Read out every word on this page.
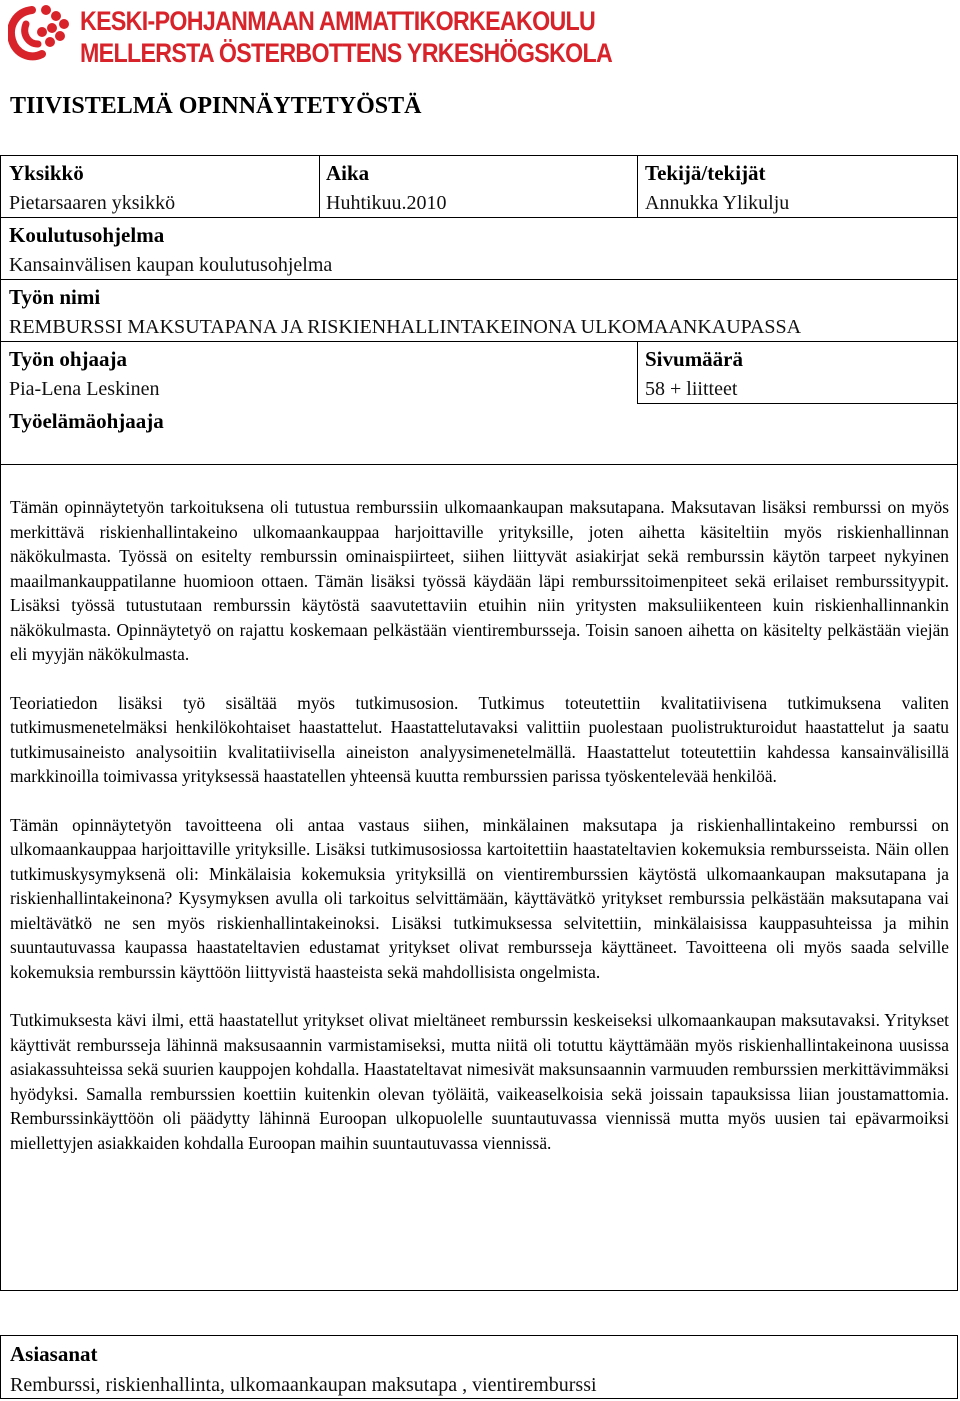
KESKI-POHJANMAAN AMMATTIKORKEAKOULU
MELLERSTA ÖSTERBOTTENS YRKESHÖGSKOLA
TIIVISTELMÄ OPINNÄYTETYÖSTÄ
Yksikkö
Pietarsaaren yksikkö
Aika
Huhtikuu.2010
Tekijä/tekijät
Annukka Ylikulju
Koulutusohjelma
Kansainvälisen kaupan koulutusohjelma
Työn nimi
REMBURSSI MAKSUTAPANA JA RISKIENHALLINTAKEINONA ULKOMAANKAUPASSA
Työn ohjaaja
Pia-Lena Leskinen
Sivumäärä
58 + liitteet
Työelämäohjaaja

Tämän opinnäytetyön tarkoituksena oli tutustua remburssiin ulkomaankaupan maksutapana. Maksutavan lisäksi remburssi on myös merkittävä riskienhallintakeino ulkomaankauppaa harjoittaville yrityksille, joten aihetta käsiteltiin myös riskienhallinnan näkökulmasta. Työssä on esitelty remburssin ominaispiirteet, siihen liittyvät asiakirjat sekä remburssin käytön tarpeet nykyinen maailmankauppatilanne huomioon ottaen. Tämän lisäksi työssä käydään läpi remburssitoimenpiteet sekä erilaiset remburssityypit. Lisäksi työssä tutustutaan remburssin käytöstä saavutettaviin etuihin niin yritysten maksuliikenteen kuin riskienhallinnankin näkökulmasta. Opinnäytetyö on rajattu koskemaan pelkästään vientirembursseja. Toisin sanoen aihetta on käsitelty pelkästään viejän eli myyjän näkökulmasta.

Teoriatiedon lisäksi työ sisältää myös tutkimusosion. Tutkimus toteutettiin kvalitatiivisena tutkimuksena valiten tutkimusmenetelmäksi henkilökohtaiset haastattelut. Haastattelutavaksi valittiin puolestaan puolistrukturoidut haastattelut ja saatu tutkimusaineisto analysoitiin kvalitatiivisella aineiston analyysimenetelmällä. Haastattelut toteutettiin kahdessa kansainvälisillä markkinoilla toimivassa yrityksessä haastatellen yhteensä kuutta remburssien parissa työskentelevää henkilöä.

Tämän opinnäytetyön tavoitteena oli antaa vastaus siihen, minkälainen maksutapa ja riskienhallintakeino remburssi on ulkomaankauppaa harjoittaville yrityksille. Lisäksi tutkimusosiossa kartoitettiin haastateltavien kokemuksia rembursseista. Näin ollen tutkimuskysymyksenä oli: Minkälaisia kokemuksia yrityksillä on vientiremburssien käytöstä ulkomaankaupan maksutapana ja riskienhallintakeinona? Kysymyksen avulla oli tarkoitus selvittämään, käyttävätkö yritykset remburssia pelkästään maksutapana vai mieltävätkö ne sen myös riskienhallintakeinoksi. Lisäksi tutkimuksessa selvitettiin, minkälaisissa kauppasuhteissa ja mihin suuntautuvassa kaupassa haastateltavien edustamat yritykset olivat rembursseja käyttäneet. Tavoitteena oli myös saada selville kokemuksia remburssin käyttöön liittyvistä haasteista sekä mahdollisista ongelmista.

Tutkimuksesta kävi ilmi, että haastatellut yritykset olivat mieltäneet remburssin keskeiseksi ulkomaankaupan maksutavaksi. Yritykset käyttivät rembursseja lähinnä maksusaannin varmistamiseksi, mutta niitä oli totuttu käyttämään myös riskienhallintakeinona uusissa asiakassuhteissa sekä suurien kauppojen kohdalla. Haastateltavat nimesivät maksunsaannin varmuuden remburssien merkittävimmäksi hyödyksi. Samalla remburssien koettiin kuitenkin olevan työläitä, vaikeaselkoisia sekä joissain tapauksissa liian joustamattomia. Remburssinkäyttöön oli päädytty lähinnä Euroopan ulkopuolelle suuntautuvassa viennissä mutta myös uusien tai epävarmoiksi miellettyjen asiakkaiden kohdalla Euroopan maihin suuntautuvassa viennissä.

Asiasanat
Remburssi, riskienhallinta, ulkomaankaupan maksutapa , vientiremburssi
